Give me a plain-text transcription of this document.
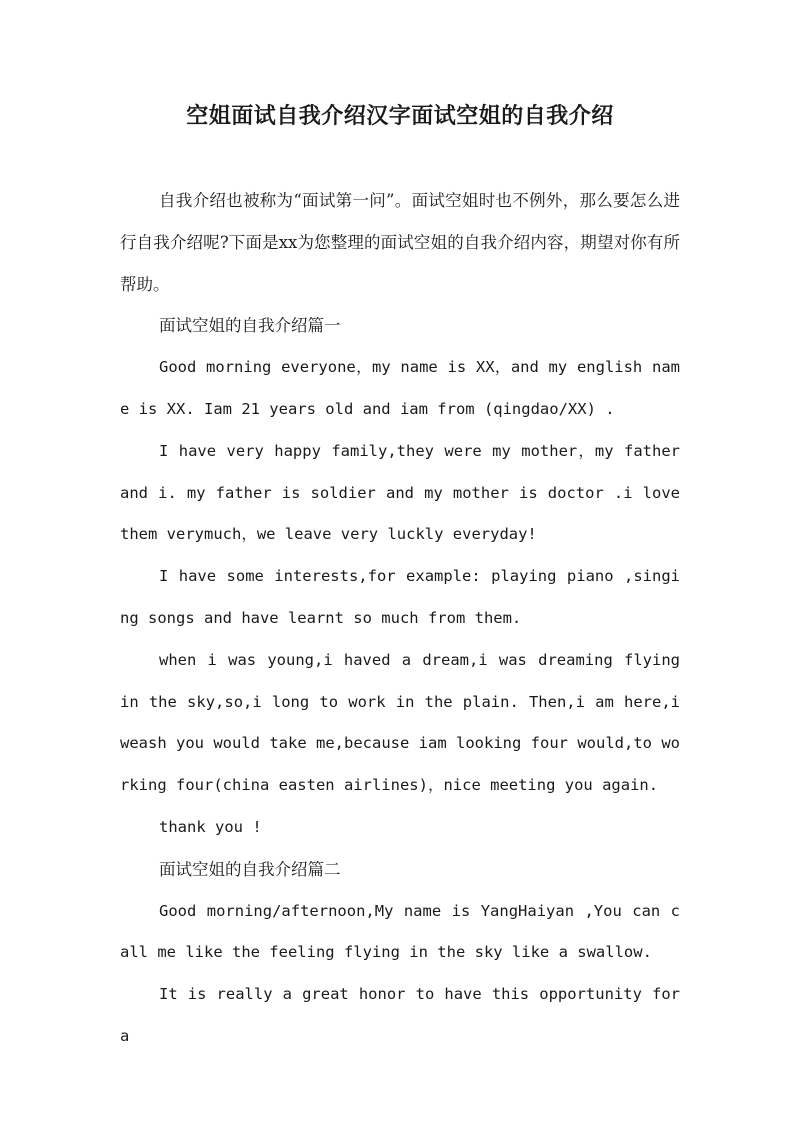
空姐面试自我介绍汉字面试空姐的自我介绍

自我介绍也被称为“面试第一问”。面试空姐时也不例外，那么要怎么进行自我介绍呢?下面是xx为您整理的面试空姐的自我介绍内容，期望对你有所帮助。

面试空姐的自我介绍篇一

Good morning everyone，my name is XX，and my english name is XX. Iam 21 years old and iam from (qingdao/XX) .

I have very happy family,they were my mother，my father and i. my father is soldier and my mother is doctor .i love them verymuch，we leave very luckly everyday!

I have some interests,for example: playing piano ,singing songs and have learnt so much from them.

when i was young,i haved a dream,i was dreaming flying in the sky,so,i long to work in the plain. Then,i am here,i weash you would take me,because iam looking four would,to working four(china easten airlines)，nice meeting you again.

thank you !

面试空姐的自我介绍篇二

Good morning/afternoon,My name is YangHaiyan ,You can call me like the feeling flying in the sky like a swallow.

It is really a great honor to have this opportunity for a
